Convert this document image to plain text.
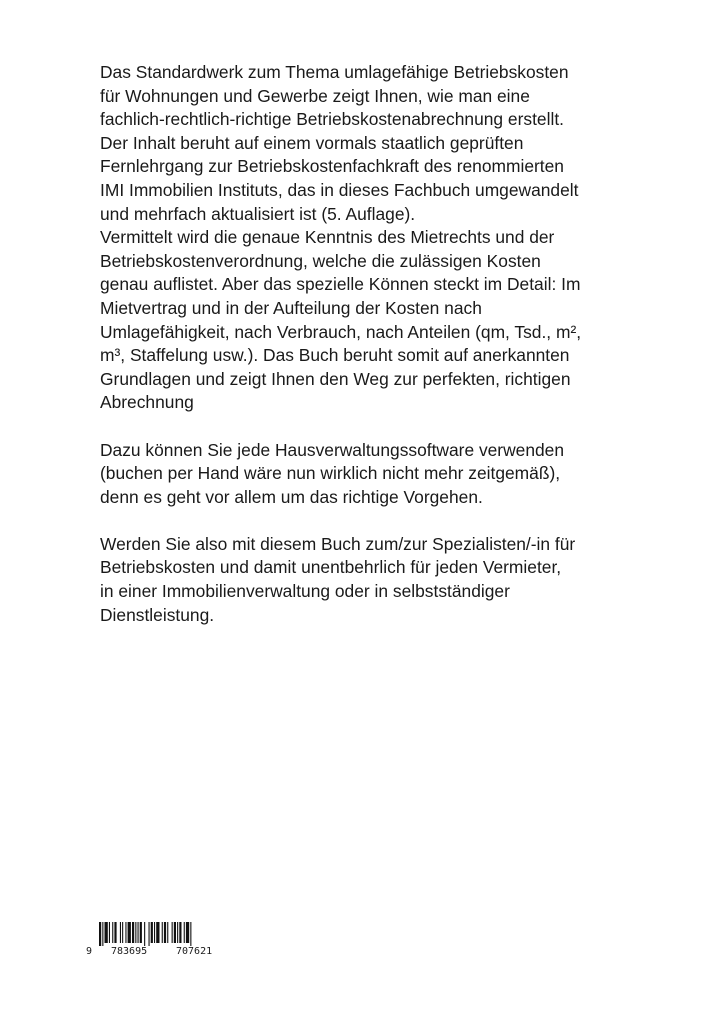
Das Standardwerk zum Thema umlagefähige Betriebskosten
für Wohnungen und Gewerbe zeigt Ihnen, wie man eine
fachlich-rechtlich-richtige Betriebskostenabrechnung erstellt.
Der Inhalt beruht auf einem vormals staatlich geprüften
Fernlehrgang zur Betriebskostenfachkraft des renommierten
IMI Immobilien Instituts, das in dieses Fachbuch umgewandelt
und mehrfach aktualisiert ist (5. Auflage).
Vermittelt wird die genaue Kenntnis des Mietrechts und der
Betriebskostenverordnung, welche die zulässigen Kosten
genau auflistet. Aber das spezielle Können steckt im Detail: Im
Mietvertrag und in der Aufteilung der Kosten nach
Umlagefähigkeit, nach Verbrauch, nach Anteilen (qm, Tsd., m²,
m³, Staffelung usw.). Das Buch beruht somit auf anerkannten
Grundlagen und zeigt Ihnen den Weg zur perfekten, richtigen
Abrechnung

Dazu können Sie jede Hausverwaltungssoftware verwenden
(buchen per Hand wäre nun wirklich nicht mehr zeitgemäß),
denn es geht vor allem um das richtige Vorgehen.

Werden Sie also mit diesem Buch zum/zur Spezialisten/-in für
Betriebskosten und damit unentbehrlich für jeden Vermieter,
in einer Immobilienverwaltung oder in selbstständiger
Dienstleistung.

9 783695	707621
